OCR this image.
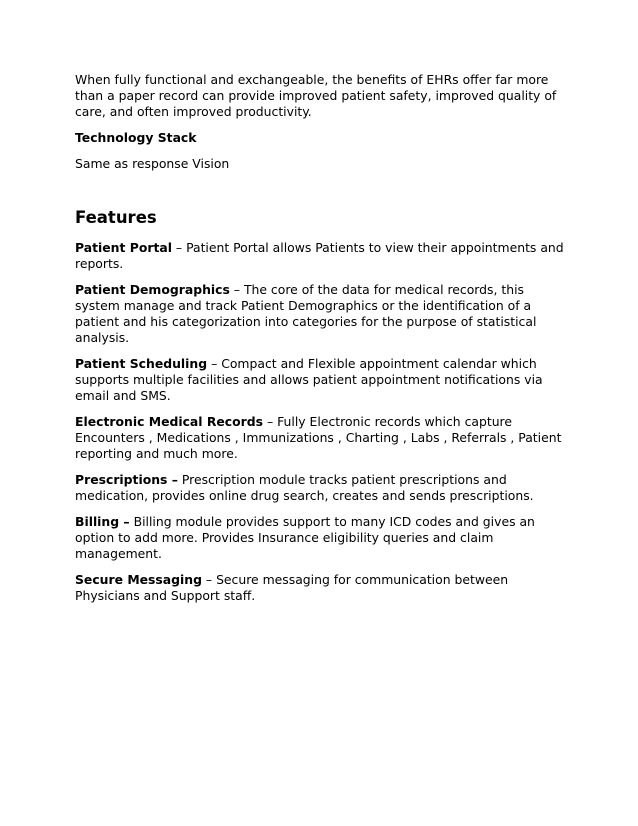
When fully functional and exchangeable, the benefits of EHRs offer far more than a paper record can provide improved patient safety, improved quality of care, and often improved productivity.

Technology Stack

Same as response Vision

Features

Patient Portal – Patient Portal allows Patients to view their appointments and reports.

Patient Demographics – The core of the data for medical records, this system manage and track Patient Demographics or the identification of a patient and his categorization into categories for the purpose of statistical analysis.

Patient Scheduling – Compact and Flexible appointment calendar which supports multiple facilities and allows patient appointment notifications via email and SMS.

Electronic Medical Records – Fully Electronic records which capture Encounters , Medications , Immunizations , Charting , Labs , Referrals , Patient reporting and much more.

Prescriptions – Prescription module tracks patient prescriptions and medication, provides online drug search, creates and sends prescriptions.

Billing – Billing module provides support to many ICD codes and gives an option to add more. Provides Insurance eligibility queries and claim management.

Secure Messaging – Secure messaging for communication between Physicians and Support staff.
